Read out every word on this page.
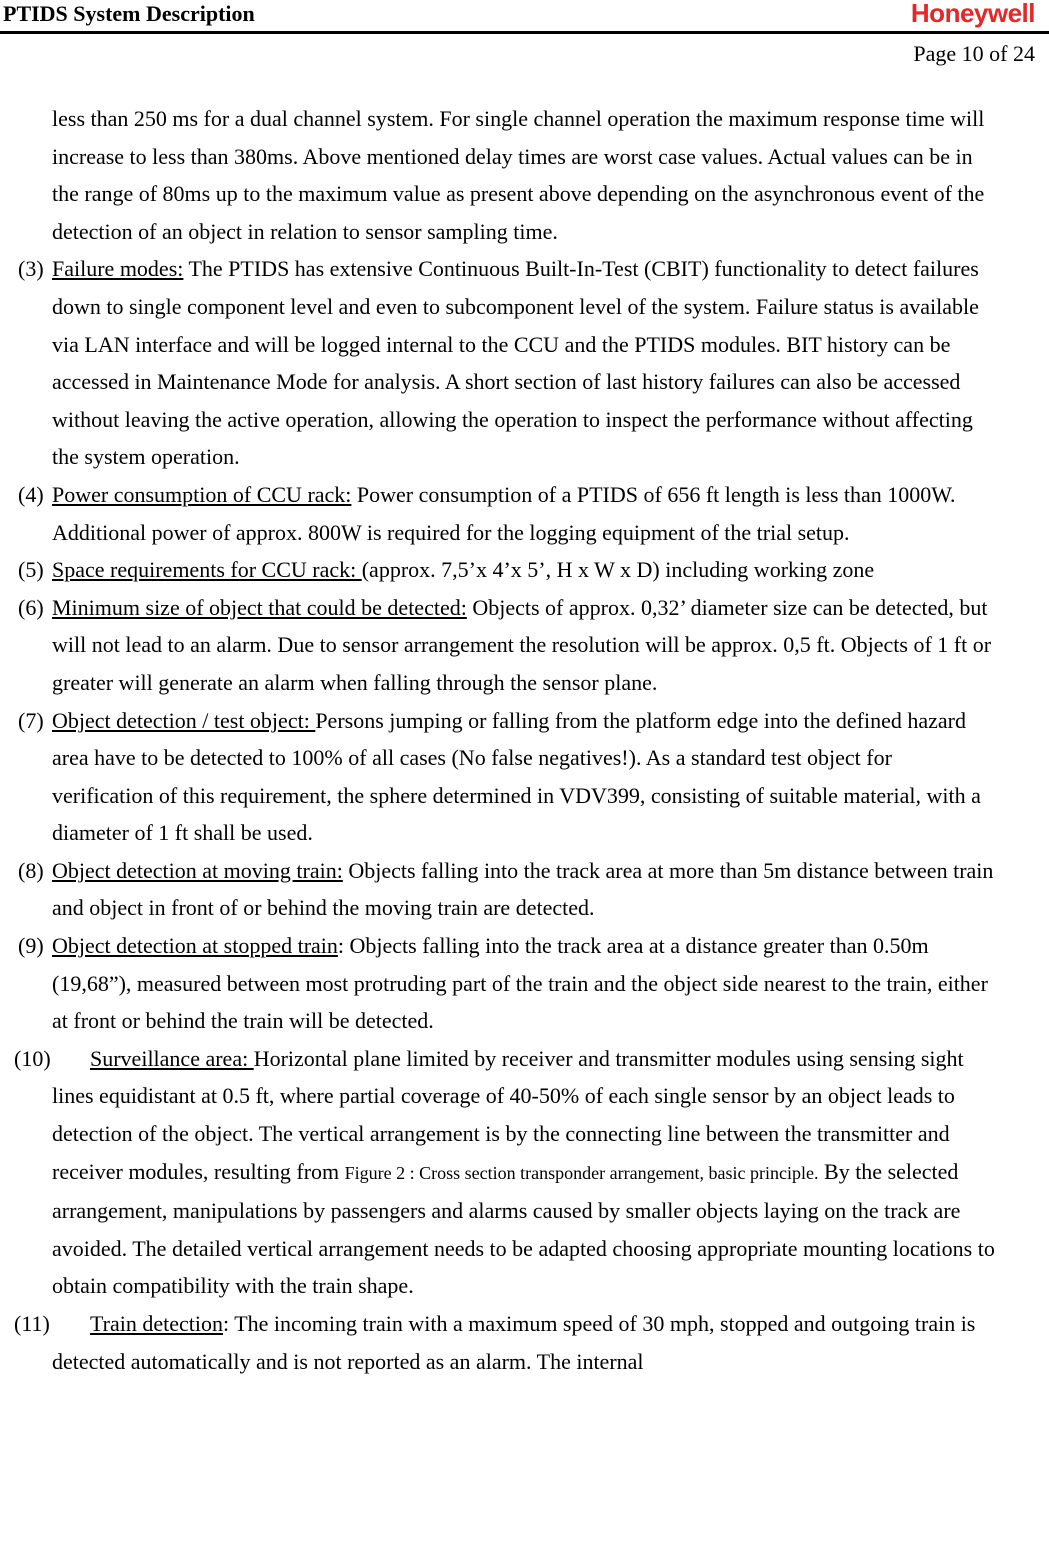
PTIDS System Description	Honeywell
Page 10 of 24
less than 250 ms for a dual channel system. For single channel operation the maximum response time will increase to less than 380ms. Above mentioned delay times are worst case values. Actual values can be in the range of 80ms up to the maximum value as present above depending on the asynchronous event of the detection of an object in relation to sensor sampling time.
(3) Failure modes: The PTIDS has extensive Continuous Built-In-Test (CBIT) functionality to detect failures down to single component level and even to subcomponent level of the system. Failure status is available via LAN interface and will be logged internal to the CCU and the PTIDS modules. BIT history can be accessed in Maintenance Mode for analysis. A short section of last history failures can also be accessed without leaving the active operation, allowing the operation to inspect the performance without affecting the system operation.
(4) Power consumption of CCU rack: Power consumption of a PTIDS of 656 ft length is less than 1000W. Additional power of approx. 800W is required for the logging equipment of the trial setup.
(5) Space requirements for CCU rack: (approx. 7,5’x 4’x 5’, H x W x D) including working zone
(6) Minimum size of object that could be detected: Objects of approx. 0,32’ diameter size can be detected, but will not lead to an alarm. Due to sensor arrangement the resolution will be approx. 0,5 ft. Objects of 1 ft or greater will generate an alarm when falling through the sensor plane.
(7) Object detection / test object: Persons jumping or falling from the platform edge into the defined hazard area have to be detected to 100% of all cases (No false negatives!). As a standard test object for verification of this requirement, the sphere determined in VDV399, consisting of suitable material, with a diameter of 1 ft shall be used.
(8) Object detection at moving train: Objects falling into the track area at more than 5m distance between train and object in front of or behind the moving train are detected.
(9) Object detection at stopped train: Objects falling into the track area at a distance greater than 0.50m (19,68”), measured between most protruding part of the train and the object side nearest to the train, either at front or behind the train will be detected.
(10) Surveillance area: Horizontal plane limited by receiver and transmitter modules using sensing sight lines equidistant at 0.5 ft, where partial coverage of 40-50% of each single sensor by an object leads to detection of the object. The vertical arrangement is by the connecting line between the transmitter and receiver modules, resulting from Figure 2 : Cross section transponder arrangement, basic principle. By the selected arrangement, manipulations by passengers and alarms caused by smaller objects laying on the track are avoided. The detailed vertical arrangement needs to be adapted choosing appropriate mounting locations to obtain compatibility with the train shape.
(11) Train detection: The incoming train with a maximum speed of 30 mph, stopped and outgoing train is detected automatically and is not reported as an alarm. The internal
